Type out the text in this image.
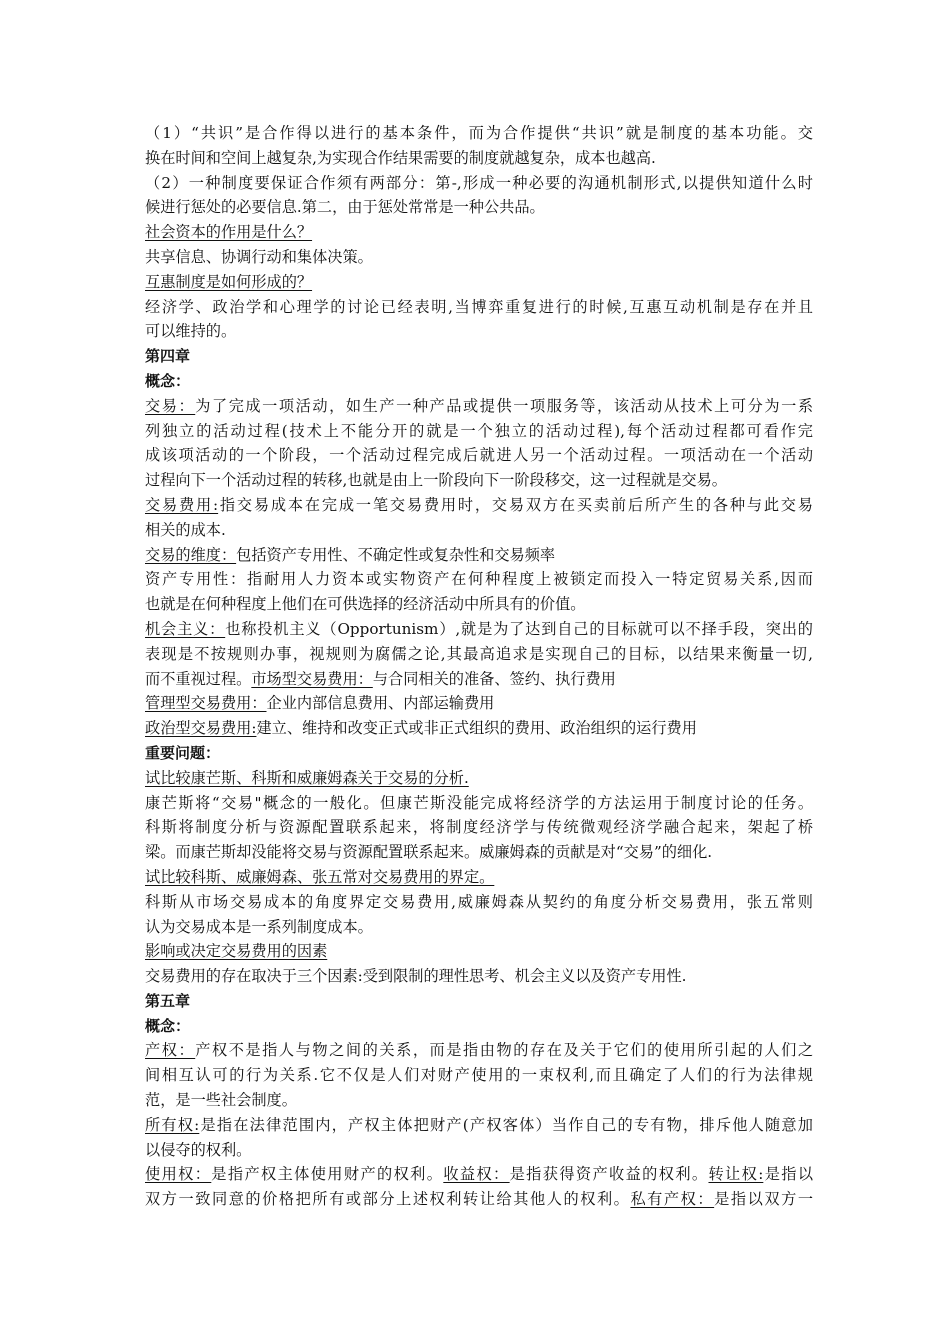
（1）“共识”是合作得以进行的基本条件，而为合作提供“共识”就是制度的基本功能。交
换在时间和空间上越复杂,为实现合作结果需要的制度就越复杂，成本也越高.
（2）一种制度要保证合作须有两部分：第-,形成一种必要的沟通机制形式,以提供知道什么时
候进行惩处的必要信息.第二，由于惩处常常是一种公共品。
社会资本的作用是什么？
共享信息、协调行动和集体决策。
互惠制度是如何形成的？
经济学、政治学和心理学的讨论已经表明,当博弈重复进行的时候,互惠互动机制是存在并且
可以维持的。
第四章
概念：
交易：为了完成一项活动，如生产一种产品或提供一项服务等，该活动从技术上可分为一系
列独立的活动过程(技术上不能分开的就是一个独立的活动过程),每个活动过程都可看作完
成该项活动的一个阶段，一个活动过程完成后就进人另一个活动过程。一项活动在一个活动
过程向下一个活动过程的转移,也就是由上一阶段向下一阶段移交，这一过程就是交易。
交易费用:指交易成本在完成一笔交易费用时，交易双方在买卖前后所产生的各种与此交易
相关的成本.
交易的维度：包括资产专用性、不确定性或复杂性和交易频率
资产专用性：指耐用人力资本或实物资产在何种程度上被锁定而投入一特定贸易关系,因而
也就是在何种程度上他们在可供选择的经济活动中所具有的价值。
机会主义：也称投机主义（Opportunism）,就是为了达到自己的目标就可以不择手段，突出的
表现是不按规则办事，视规则为腐儒之论,其最高追求是实现自己的目标，以结果来衡量一切,
而不重视过程。市场型交易费用：与合同相关的准备、签约、执行费用
管理型交易费用：企业内部信息费用、内部运输费用
政治型交易费用:建立、维持和改变正式或非正式组织的费用、政治组织的运行费用
重要问题：
试比较康芒斯、科斯和威廉姆森关于交易的分析.
康芒斯将“交易"概念的一般化。但康芒斯没能完成将经济学的方法运用于制度讨论的任务。
科斯将制度分析与资源配置联系起来，将制度经济学与传统微观经济学融合起来，架起了桥
梁。而康芒斯却没能将交易与资源配置联系起来。威廉姆森的贡献是对“交易”的细化.
试比较科斯、威廉姆森、张五常对交易费用的界定。
科斯从市场交易成本的角度界定交易费用,威廉姆森从契约的角度分析交易费用，张五常则
认为交易成本是一系列制度成本。
影响或决定交易费用的因素
交易费用的存在取决于三个因素:受到限制的理性思考、机会主义以及资产专用性.
第五章
概念：
产权：产权不是指人与物之间的关系，而是指由物的存在及关于它们的使用所引起的人们之
间相互认可的行为关系.它不仅是人们对财产使用的一束权利,而且确定了人们的行为法律规
范，是一些社会制度。
所有权:是指在法律范围内，产权主体把财产(产权客体）当作自己的专有物，排斥他人随意加
以侵夺的权利。
使用权：是指产权主体使用财产的权利。收益权：是指获得资产收益的权利。转让权:是指以
双方一致同意的价格把所有或部分上述权利转让给其他人的权利。私有产权：是指以双方一
